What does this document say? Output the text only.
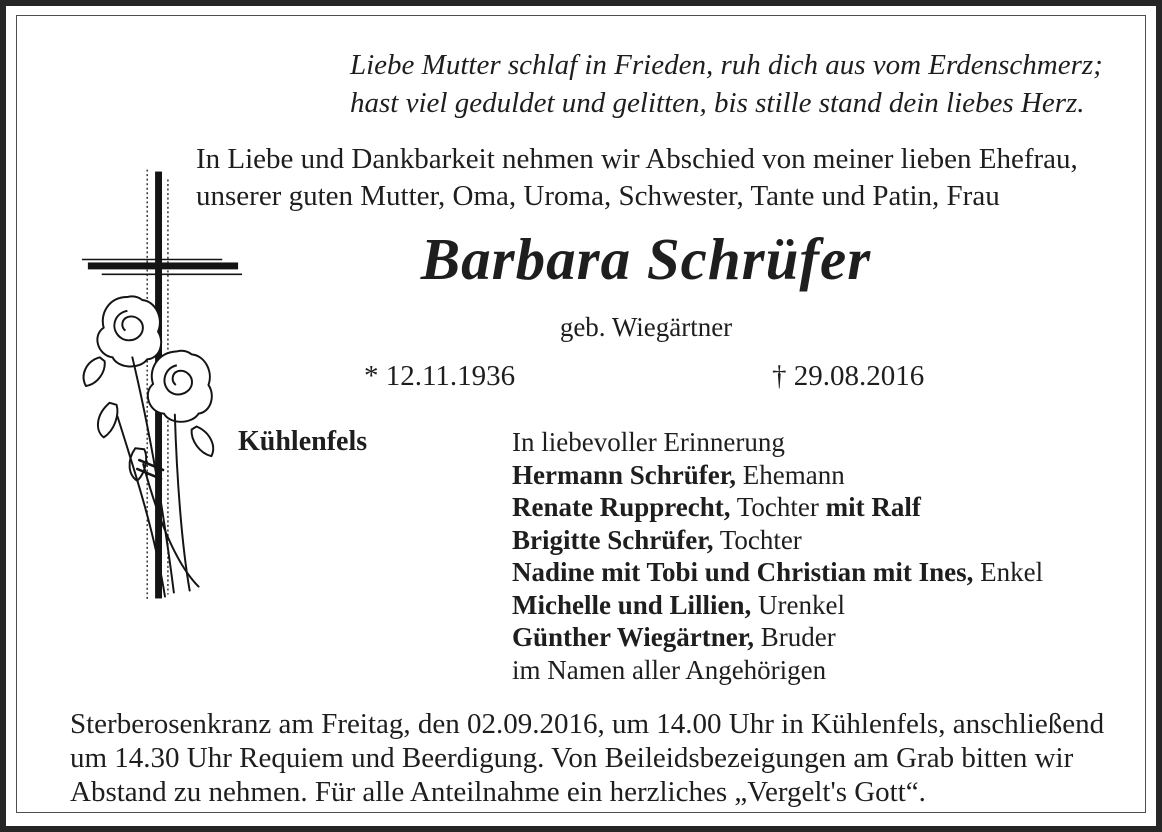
Liebe Mutter schlaf in Frieden, ruh dich aus vom Erdenschmerz;
hast viel geduldet und gelitten, bis stille stand dein liebes Herz.
In Liebe und Dankbarkeit nehmen wir Abschied von meiner lieben Ehefrau,
unserer guten Mutter, Oma, Uroma, Schwester, Tante und Patin, Frau
Barbara Schrüfer
geb. Wiegärtner
* 12.11.1936	† 29.08.2016
Kühlenfels	In liebevoller Erinnerung
Hermann Schrüfer, Ehemann
Renate Rupprecht, Tochter mit Ralf
Brigitte Schrüfer, Tochter
Nadine mit Tobi und Christian mit Ines, Enkel
Michelle und Lillien, Urenkel
Günther Wiegärtner, Bruder
im Namen aller Angehörigen
Sterberosenkranz am Freitag, den 02.09.2016, um 14.00 Uhr in Kühlenfels, anschließend
um 14.30 Uhr Requiem und Beerdigung. Von Beileidsbezeigungen am Grab bitten wir
Abstand zu nehmen. Für alle Anteilnahme ein herzliches „Vergelt's Gott“.
